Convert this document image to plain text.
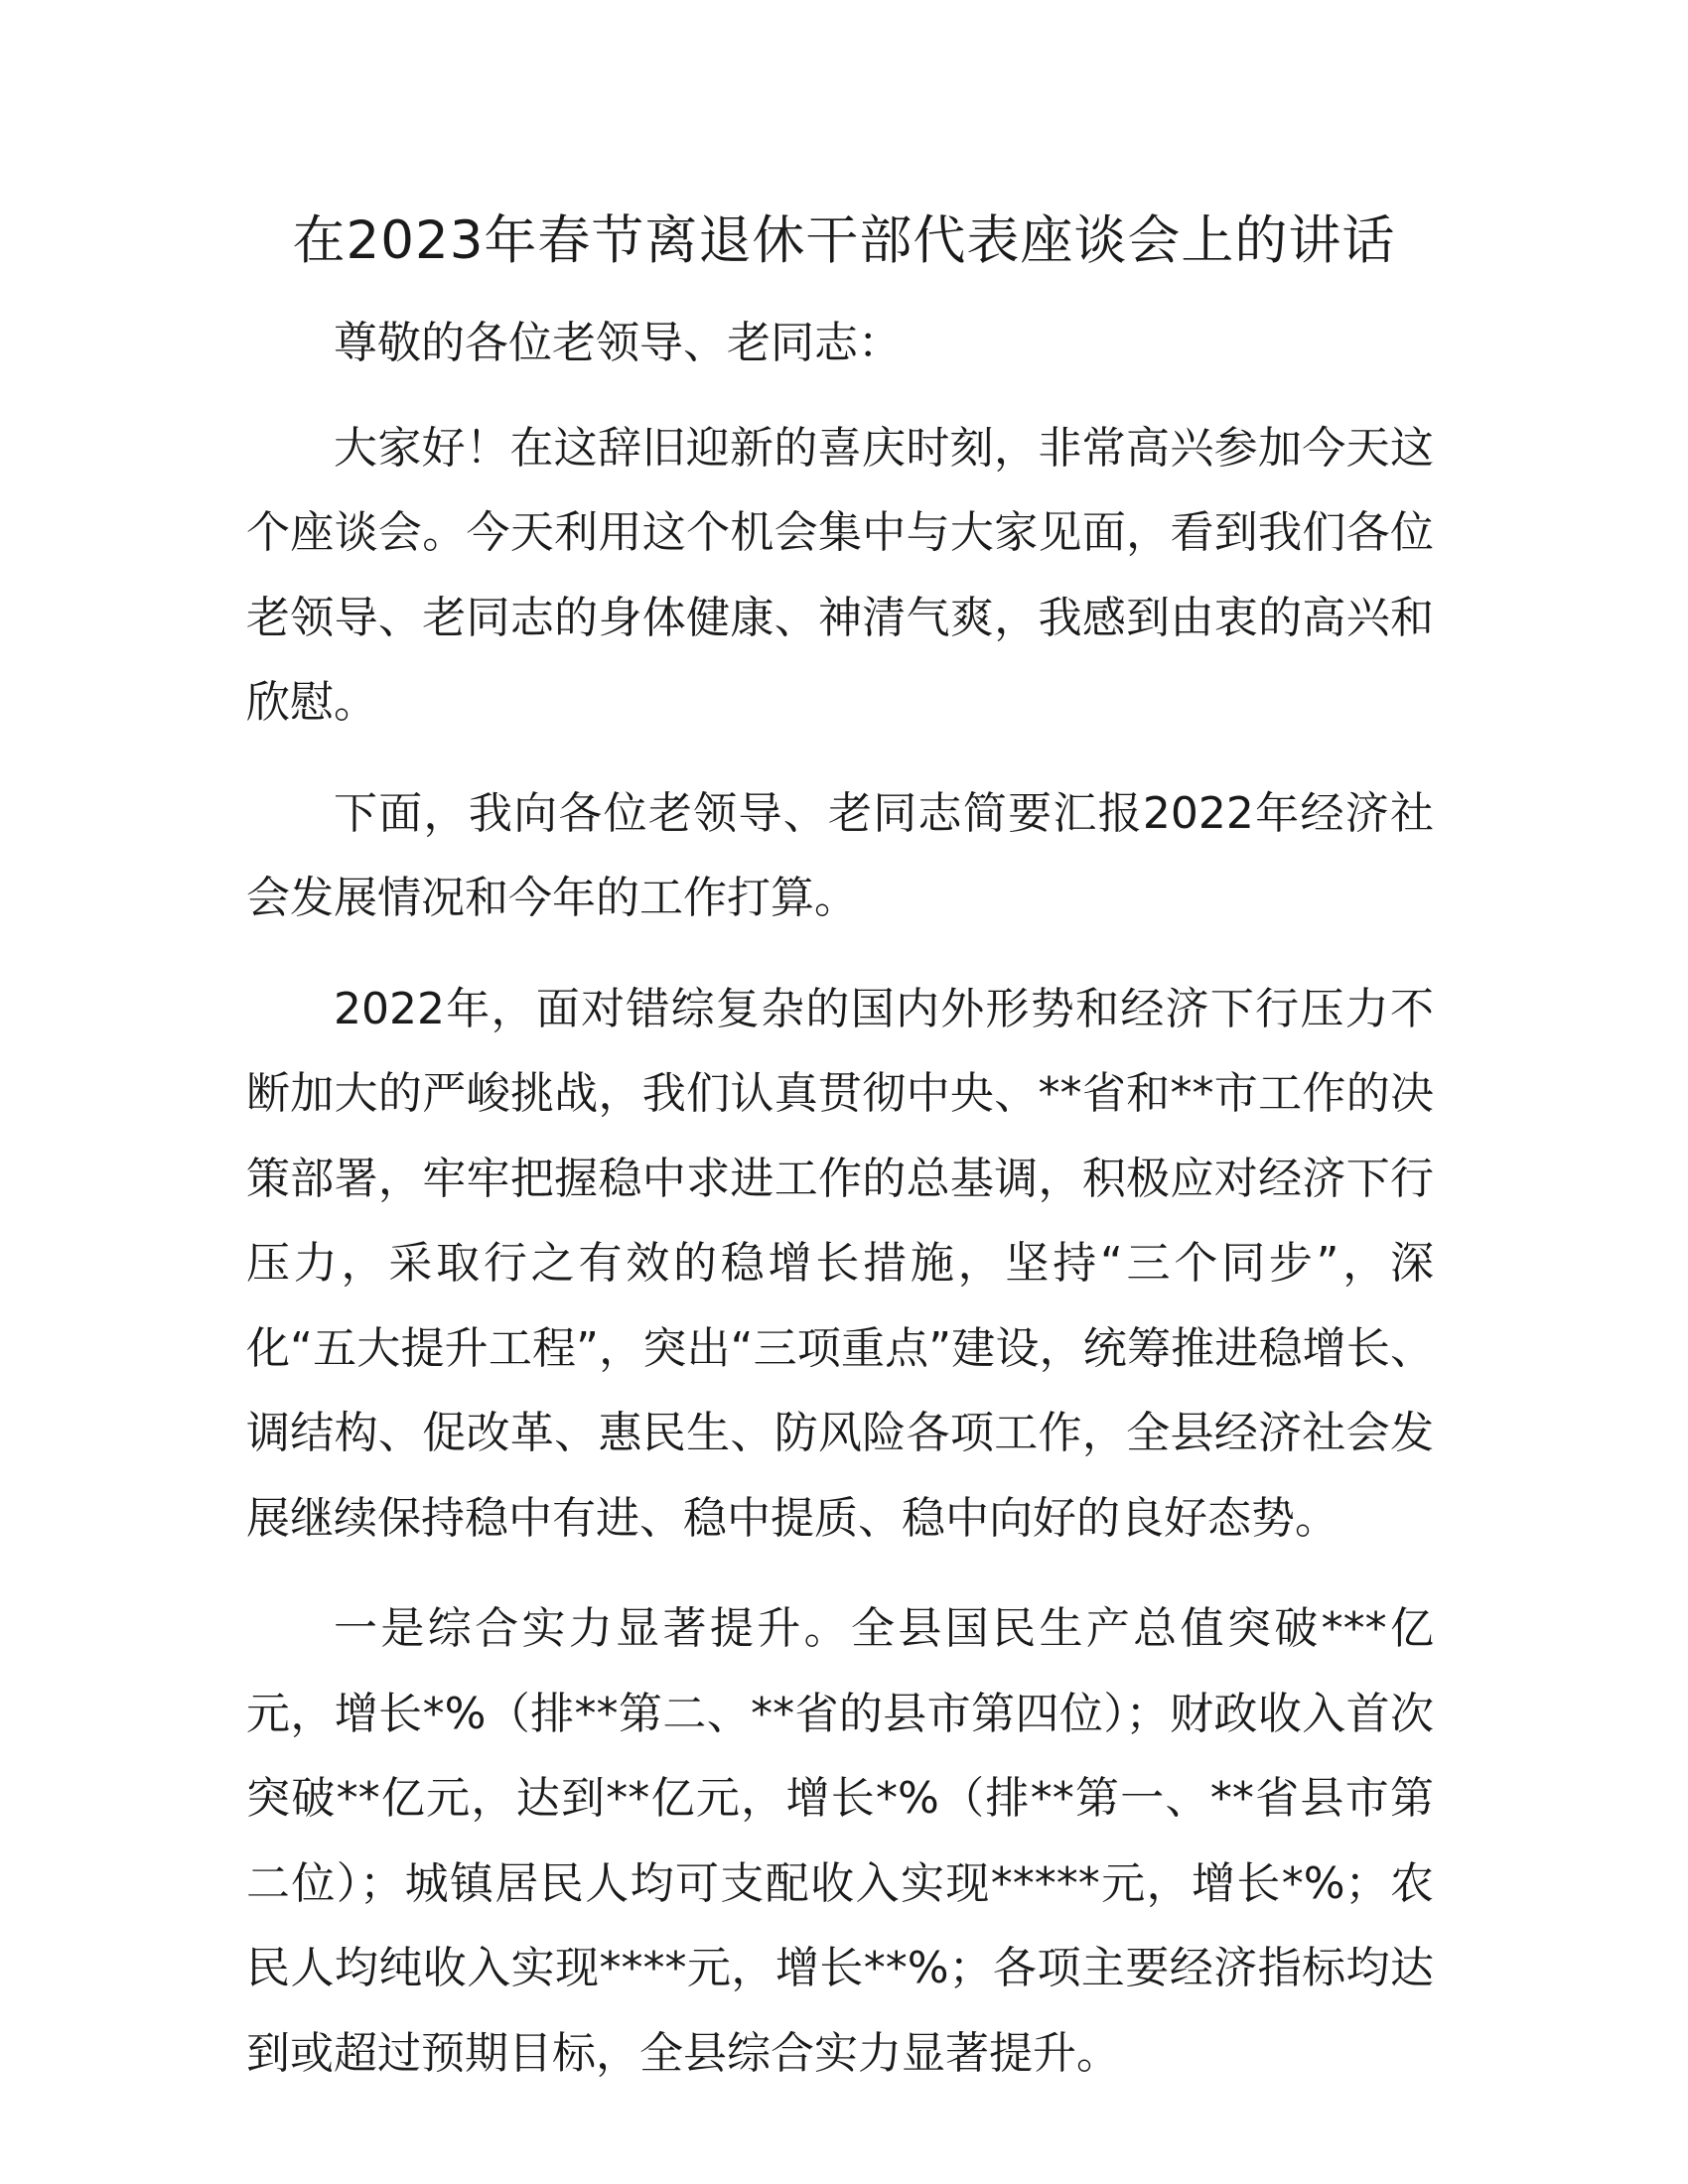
在2023年春节离退休干部代表座谈会上的讲话

尊敬的各位老领导、老同志：

大家好！在这辞旧迎新的喜庆时刻，非常高兴参加今天这个座谈会。今天利用这个机会集中与大家见面，看到我们各位老领导、老同志的身体健康、神清气爽，我感到由衷的高兴和欣慰。

下面，我向各位老领导、老同志简要汇报2022年经济社会发展情况和今年的工作打算。

2022年，面对错综复杂的国内外形势和经济下行压力不断加大的严峻挑战，我们认真贯彻中央、**省和**市工作的决策部署，牢牢把握稳中求进工作的总基调，积极应对经济下行压力，采取行之有效的稳增长措施，坚持“三个同步”，深化“五大提升工程”，突出“三项重点”建设，统筹推进稳增长、调结构、促改革、惠民生、防风险各项工作，全县经济社会发展继续保持稳中有进、稳中提质、稳中向好的良好态势。

一是综合实力显著提升。全县国民生产总值突破***亿元，增长*%（排**第二、**省的县市第四位）；财政收入首次突破**亿元，达到**亿元，增长*%（排**第一、**省县市第二位）；城镇居民人均可支配收入实现*****元，增长*%；农民人均纯收入实现****元，增长**%；各项主要经济指标均达到或超过预期目标，全县综合实力显著提升。
